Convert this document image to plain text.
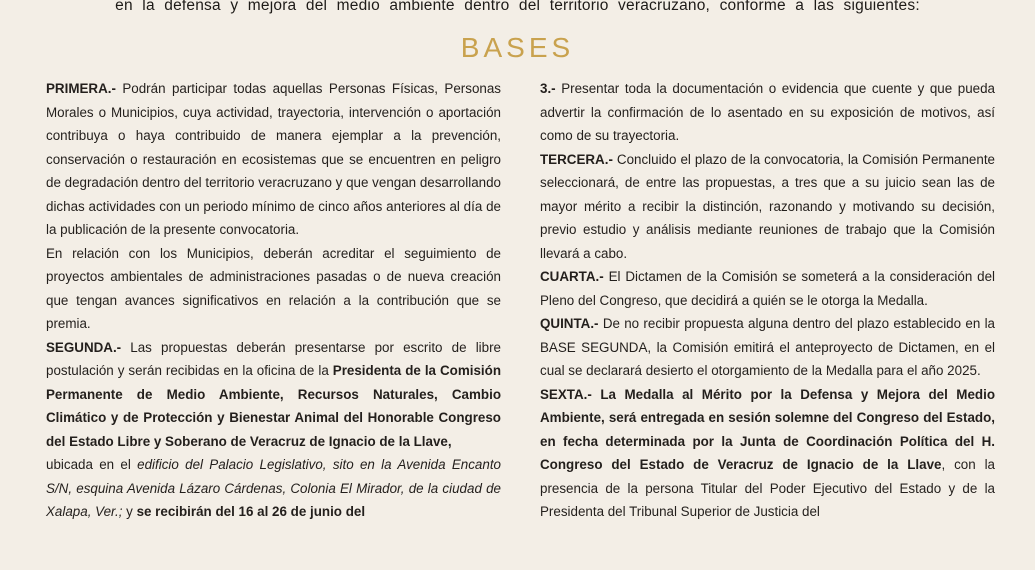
en la defensa y mejora del medio ambiente dentro del territorio veracruzano, conforme a las siguientes:
BASES

PRIMERA.- Podrán participar todas aquellas Personas Físicas, Personas Morales o Municipios, cuya actividad, trayectoria, intervención o aportación contribuya o haya contribuido de manera ejemplar a la prevención, conservación o restauración en ecosistemas que se encuentren en peligro de degradación dentro del territorio veracruzano y que vengan desarrollando dichas actividades con un periodo mínimo de cinco años anteriores al día de la publicación de la presente convocatoria.

En relación con los Municipios, deberán acreditar el seguimiento de proyectos ambientales de administraciones pasadas o de nueva creación que tengan avances significativos en relación a la contribución que se premia.

SEGUNDA.- Las propuestas deberán presentarse por escrito de libre postulación y serán recibidas en la oficina de la Presidenta de la Comisión Permanente de Medio Ambiente, Recursos Naturales, Cambio Climático y de Protección y Bienestar Animal del Honorable Congreso del Estado Libre y Soberano de Veracruz de Ignacio de la Llave,

ubicada en el edificio del Palacio Legislativo, sito en la Avenida Encanto S/N, esquina Avenida Lázaro Cárdenas, Colonia El Mirador, de la ciudad de Xalapa, Ver.; y se recibirán del 16 al 26 de junio del

3.- Presentar toda la documentación o evidencia que cuente y que pueda advertir la confirmación de lo asentado en su exposición de motivos, así como de su trayectoria.

TERCERA.- Concluido el plazo de la convocatoria, la Comisión Permanente seleccionará, de entre las propuestas, a tres que a su juicio sean las de mayor mérito a recibir la distinción, razonando y motivando su decisión, previo estudio y análisis mediante reuniones de trabajo que la Comisión llevará a cabo.

CUARTA.- El Dictamen de la Comisión se someterá a la consideración del Pleno del Congreso, que decidirá a quién se le otorga la Medalla.

QUINTA.- De no recibir propuesta alguna dentro del plazo establecido en la BASE SEGUNDA, la Comisión emitirá el anteproyecto de Dictamen, en el cual se declarará desierto el otorgamiento de la Medalla para el año 2025.

SEXTA.- La Medalla al Mérito por la Defensa y Mejora del Medio Ambiente, será entregada en sesión solemne del Congreso del Estado, en fecha determinada por la Junta de Coordinación Política del H. Congreso del Estado de Veracruz de Ignacio de la Llave, con la presencia de la persona Titular del Poder Ejecutivo del Estado y de la Presidenta del Tribunal Superior de Justicia del
